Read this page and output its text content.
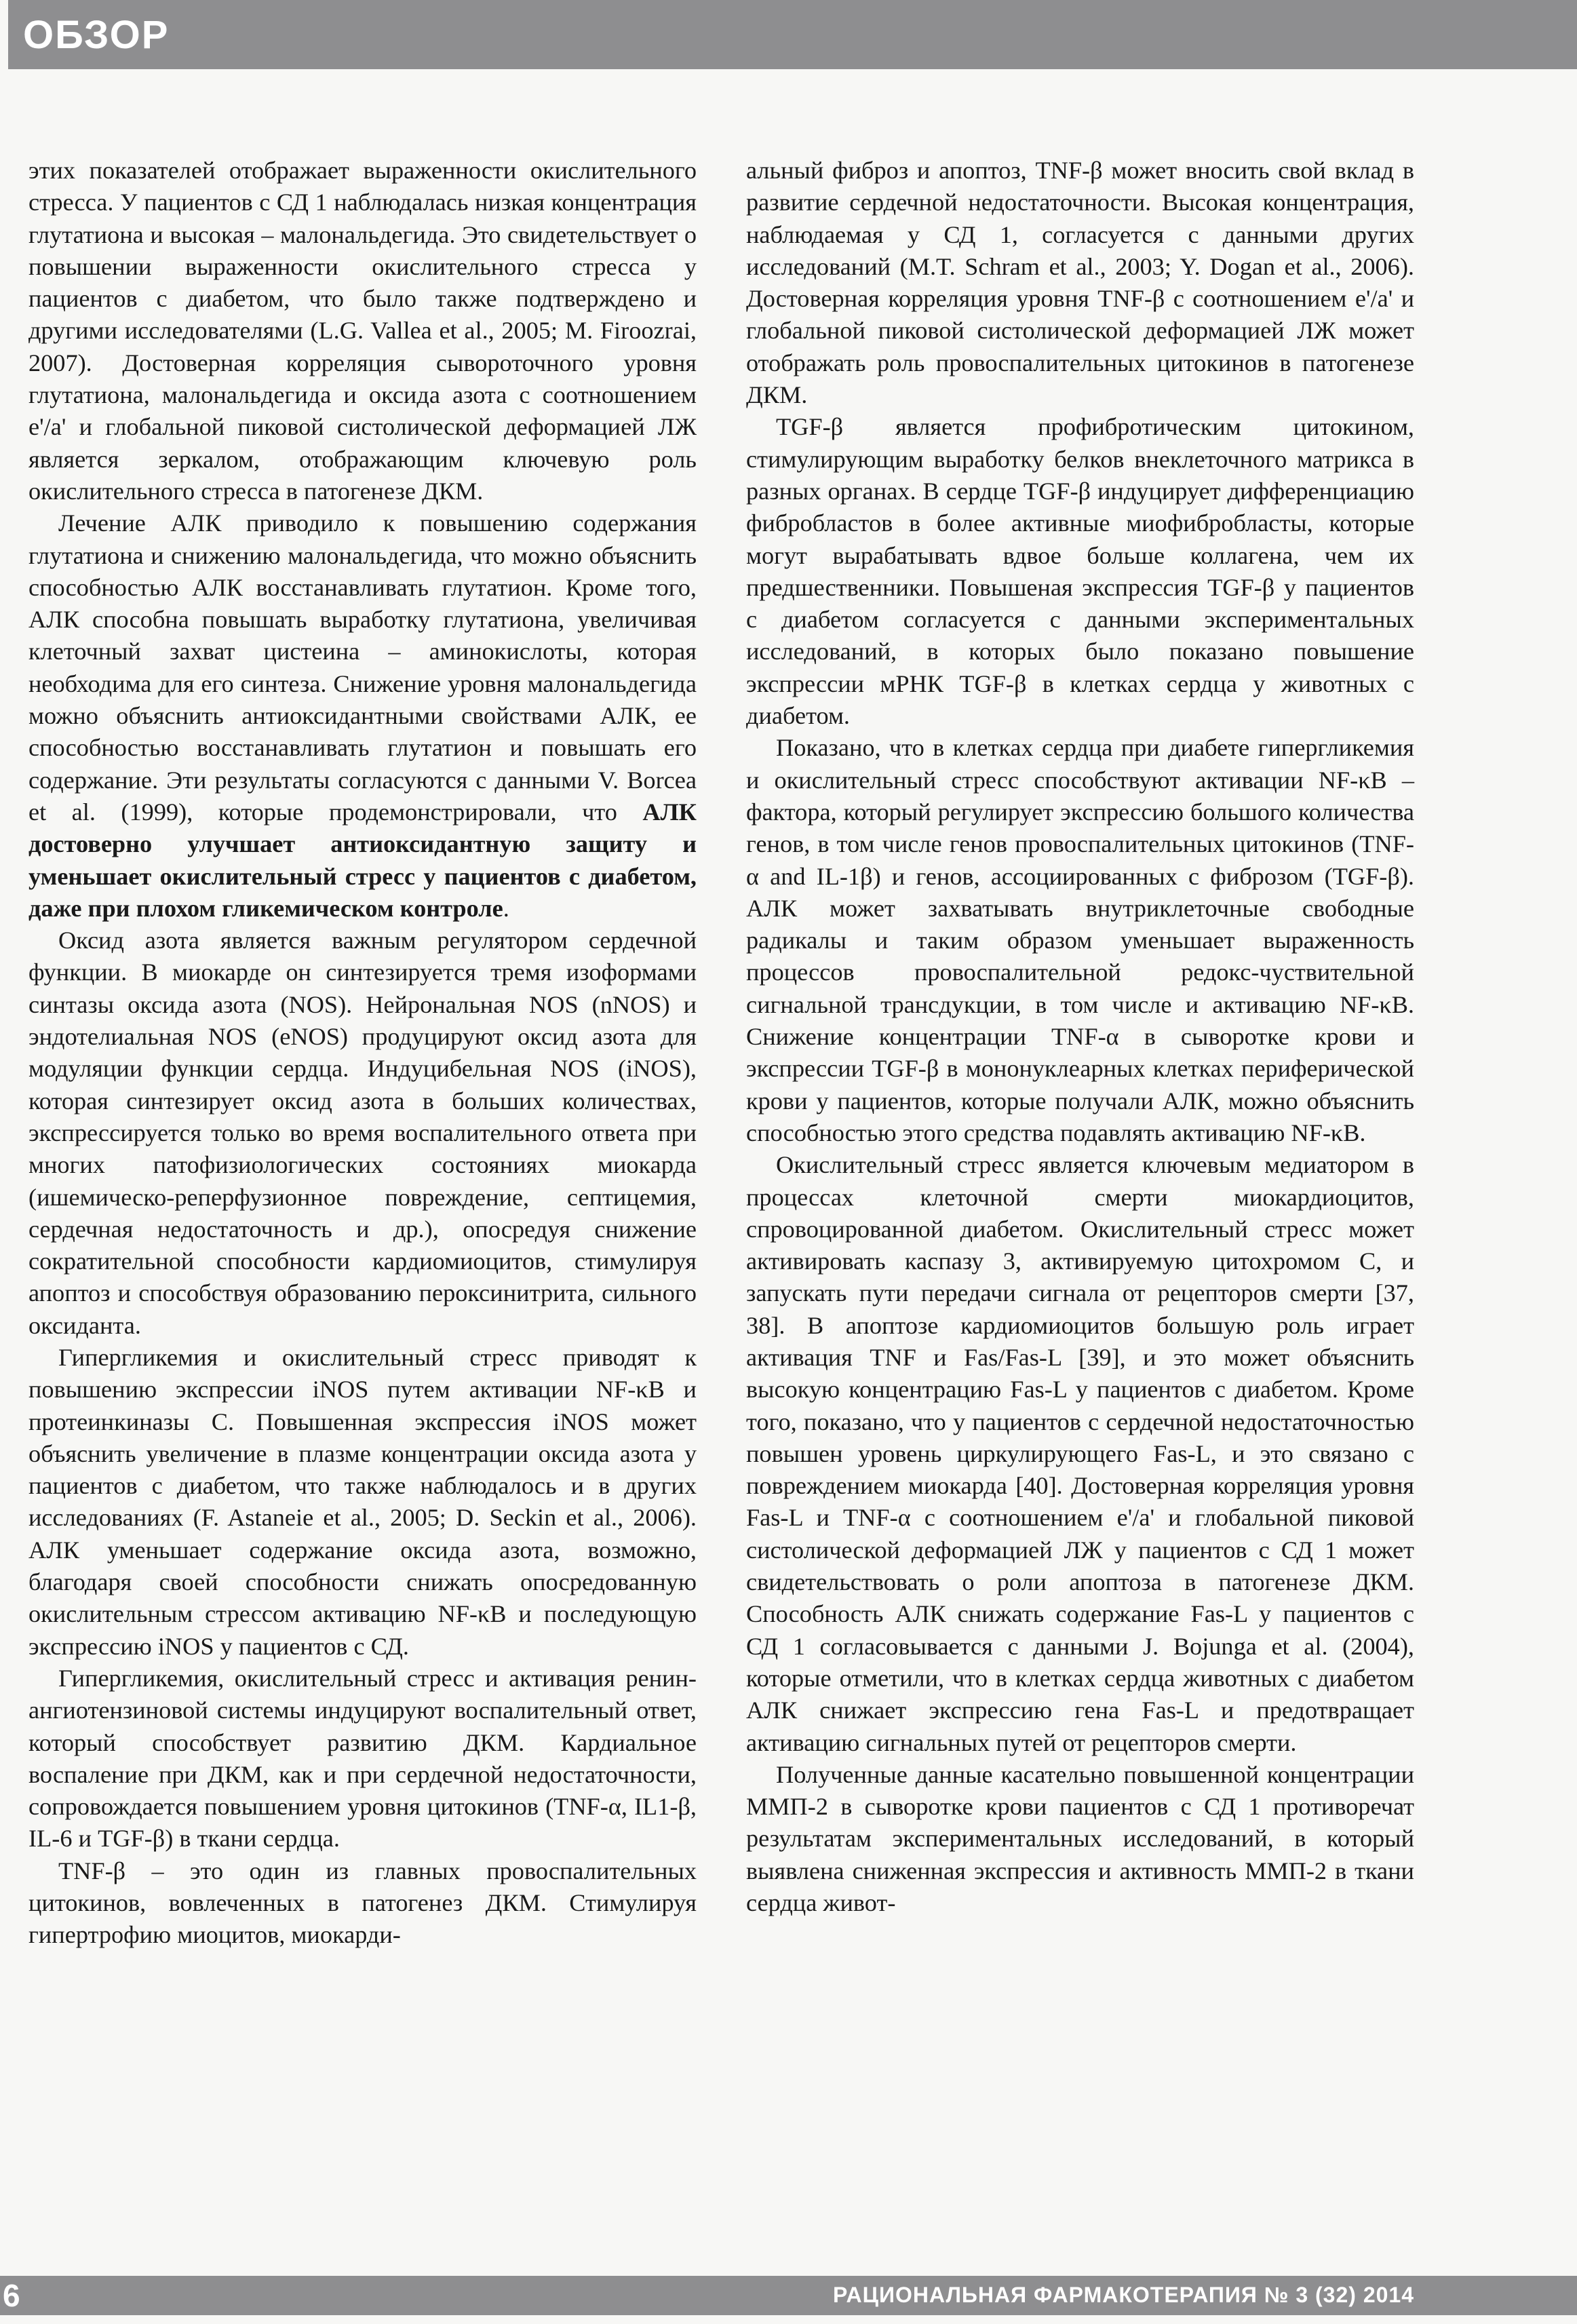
ОБЗОР

этих показателей отображает выраженности окислительного стресса. У пациентов с СД 1 наблюдалась низкая концентрация глутатиона и высокая – малональдегида. Это свидетельствует о повышении выраженности окислительного стресса у пациентов с диабетом, что было также подтверждено и другими исследователями (L.G. Vallea et al., 2005; M. Firoozrai, 2007). Достоверная корреляция сывороточного уровня глутатиона, малональдегида и оксида азота с соотношением e'/a' и глобальной пиковой систолической деформацией ЛЖ является зеркалом, отображающим ключевую роль окислительного стресса в патогенезе ДКМ.

Лечение АЛК приводило к повышению содержания глутатиона и снижению малональдегида, что можно объяснить способностью АЛК восстанавливать глутатион. Кроме того, АЛК способна повышать выработку глутатиона, увеличивая клеточный захват цистеина – аминокислоты, которая необходима для его синтеза. Снижение уровня малональдегида можно объяснить антиоксидантными свойствами АЛК, ее способностью восстанавливать глутатион и повышать его содержание. Эти результаты согласуются с данными V. Borcea et al. (1999), которые продемонстрировали, что АЛК достоверно улучшает антиоксидантную защиту и уменьшает окислительный стресс у пациентов с диабетом, даже при плохом гликемическом контроле.

Оксид азота является важным регулятором сердечной функции. В миокарде он синтезируется тремя изоформами синтазы оксида азота (NOS). Нейрональная NOS (nNOS) и эндотелиальная NOS (eNOS) продуцируют оксид азота для модуляции функции сердца. Индуцибельная NOS (iNOS), которая синтезирует оксид азота в больших количествах, экспрессируется только во время воспалительного ответа при многих патофизиологических состояниях миокарда (ишемическо-реперфузионное повреждение, септицемия, сердечная недостаточность и др.), опосредуя снижение сократительной способности кардиомиоцитов, стимулируя апоптоз и способствуя образованию пероксинитрита, сильного оксиданта.

Гипергликемия и окислительный стресс приводят к повышению экспрессии iNOS путем активации NF-κB и протеинкиназы С. Повышенная экспрессия iNOS может объяснить увеличение в плазме концентрации оксида азота у пациентов с диабетом, что также наблюдалось и в других исследованиях (F. Astaneie et al., 2005; D. Seckin et al., 2006). АЛК уменьшает содержание оксида азота, возможно, благодаря своей способности снижать опосредованную окислительным стрессом активацию NF-κB и последующую экспрессию iNOS у пациентов с СД.

Гипергликемия, окислительный стресс и активация ренин-ангиотензиновой системы индуцируют воспалительный ответ, который способствует развитию ДКМ. Кардиальное воспаление при ДКМ, как и при сердечной недостаточности, сопровождается повышением уровня цитокинов (TNF-α, IL1-β, IL-6 и TGF-β) в ткани сердца.

TNF-β – это один из главных провоспалительных цитокинов, вовлеченных в патогенез ДКМ. Стимулируя гипертрофию миоцитов, миокарди-

альный фиброз и апоптоз, TNF-β может вносить свой вклад в развитие сердечной недостаточности. Высокая концентрация, наблюдаемая у СД 1, согласуется с данными других исследований (M.T. Schram et al., 2003; Y. Dogan et al., 2006). Достоверная корреляция уровня TNF-β с соотношением e'/a' и глобальной пиковой систолической деформацией ЛЖ может отображать роль провоспалительных цитокинов в патогенезе ДКМ.

TGF-β является профибротическим цитокином, стимулирующим выработку белков внеклеточного матрикса в разных органах. В сердце TGF-β индуцирует дифференциацию фибробластов в более активные миофибробласты, которые могут вырабатывать вдвое больше коллагена, чем их предшественники. Повышеная экспрессия TGF-β у пациентов с диабетом согласуется с данными экспериментальных исследований, в которых было показано повышение экспрессии мРНК TGF-β в клетках сердца у животных с диабетом.

Показано, что в клетках сердца при диабете гипергликемия и окислительный стресс способствуют активации NF-κB – фактора, который регулирует экспрессию большого количества генов, в том числе генов провоспалительных цитокинов (TNF-α and IL-1β) и генов, ассоциированных с фиброзом (TGF-β). АЛК может захватывать внутриклеточные свободные радикалы и таким образом уменьшает выраженность процессов провоспалительной редокс-чуствительной сигнальной трансдукции, в том числе и активацию NF-κB. Снижение концентрации TNF-α в сыворотке крови и экспрессии TGF-β в мононуклеарных клетках периферической крови у пациентов, которые получали АЛК, можно объяснить способностью этого средства подавлять активацию NF-κB.

Окислительный стресс является ключевым медиатором в процессах клеточной смерти миокардиоцитов, спровоцированной диабетом. Окислительный стресс может активировать каспазу 3, активируемую цитохромом С, и запускать пути передачи сигнала от рецепторов смерти [37, 38]. В апоптозе кардиомиоцитов большую роль играет активация TNF и Fas/Fas-L [39], и это может объяснить высокую концентрацию Fas-L у пациентов с диабетом. Кроме того, показано, что у пациентов с сердечной недостаточностью повышен уровень циркулирующего Fas-L, и это связано с повреждением миокарда [40]. Достоверная корреляция уровня Fas-L и TNF-α с соотношением e'/a' и глобальной пиковой систолической деформацией ЛЖ у пациентов с СД 1 может свидетельствовать о роли апоптоза в патогенезе ДКМ. Способность АЛК снижать содержание Fas-L у пациентов с СД 1 согласовывается с данными J. Bojunga et al. (2004), которые отметили, что в клетках сердца животных с диабетом АЛК снижает экспрессию гена Fas-L и предотвращает активацию сигнальных путей от рецепторов смерти.

Полученные данные касательно повышенной концентрации ММП-2 в сыворотке крови пациентов с СД 1 противоречат результатам экспериментальных исследований, в который выявлена сниженная экспрессия и активность ММП-2 в ткани сердца живот-

6	РАЦИОНАЛЬНАЯ ФАРМАКОТЕРАПИЯ № 3 (32) 2014
